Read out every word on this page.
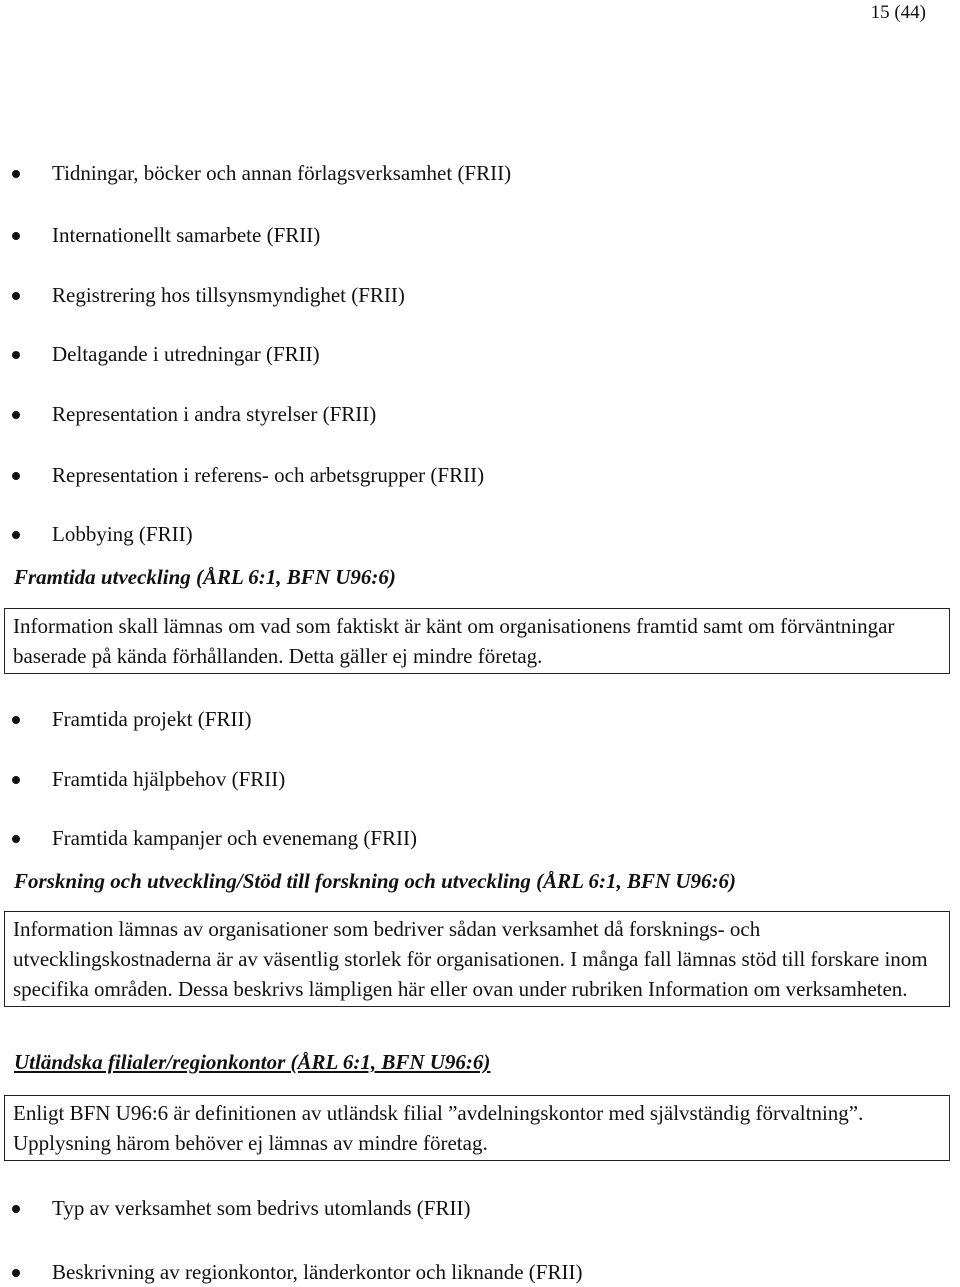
15 (44)
Tidningar, böcker och annan förlagsverksamhet (FRII)
Internationellt samarbete (FRII)
Registrering hos tillsynsmyndighet (FRII)
Deltagande i utredningar (FRII)
Representation i andra styrelser (FRII)
Representation i referens- och arbetsgrupper (FRII)
Lobbying (FRII)
Framtida utveckling (ÅRL 6:1, BFN U96:6)
Information skall lämnas om vad som faktiskt är känt om organisationens framtid samt om förväntningar baserade på kända förhållanden. Detta gäller ej mindre företag.
Framtida projekt (FRII)
Framtida hjälpbehov (FRII)
Framtida kampanjer och evenemang (FRII)
Forskning och utveckling/Stöd till forskning och utveckling (ÅRL 6:1, BFN U96:6)
Information lämnas av organisationer som bedriver sådan verksamhet då forsknings- och utvecklingskostnaderna är av väsentlig storlek för organisationen. I många fall lämnas stöd till forskare inom specifika områden. Dessa beskrivs lämpligen här eller ovan under rubriken Information om verksamheten.
Utländska filialer/regionkontor (ÅRL 6:1, BFN U96:6)
Enligt BFN U96:6 är definitionen av utländsk filial ”avdelningskontor med självständig förvaltning”. Upplysning härom behöver ej lämnas av mindre företag.
Typ av verksamhet som bedrivs utomlands (FRII)
Beskrivning av regionkontor, länderkontor och liknande (FRII)
